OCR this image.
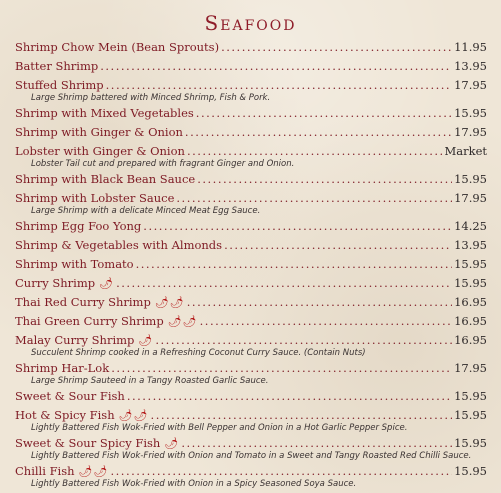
Seafood
Shrimp Chow Mein (Bean Sprouts) .....	11.95
Batter Shrimp .....	13.95
Stuffed Shrimp .....	17.95
Large Shrimp battered with Minced Shrimp, Fish & Pork.
Shrimp with Mixed Vegetables .....	15.95
Shrimp with Ginger & Onion .....	17.95
Lobster with Ginger & Onion .....	Market
Lobster Tail cut and prepared with fragrant Ginger and Onion.
Shrimp with Black Bean Sauce .....	15.95
Shrimp with Lobster Sauce .....	17.95
Large Shrimp with a delicate Minced Meat Egg Sauce.
Shrimp Egg Foo Yong .....	14.25
Shrimp & Vegetables with Almonds .....	13.95
Shrimp with Tomato .....	15.95
Curry Shrimp 🌶 .....	15.95
Thai Red Curry Shrimp 🌶🌶 .....	16.95
Thai Green Curry Shrimp 🌶🌶 .....	16.95
Malay Curry Shrimp 🌶 .....	16.95
Succulent Shrimp cooked in a Refreshing Coconut Curry Sauce. (Contain Nuts)
Shrimp Har-Lok .....	17.95
Large Shrimp Sauteed in a Tangy Roasted Garlic Sauce.
Sweet & Sour Fish .....	15.95
Hot & Spicy Fish 🌶🌶 .....	15.95
Lightly Battered Fish Wok-Fried with Bell Pepper and Onion in a Hot Garlic Pepper Spice.
Sweet & Sour Spicy Fish 🌶 .....	15.95
Lightly Battered Fish Wok-Fried with Onion and Tomato in a Sweet and Tangy Roasted Red Chilli Sauce.
Chilli Fish 🌶🌶 .....	15.95
Lightly Battered Fish Wok-Fried with Onion in a Spicy Seasoned Soya Sauce.
